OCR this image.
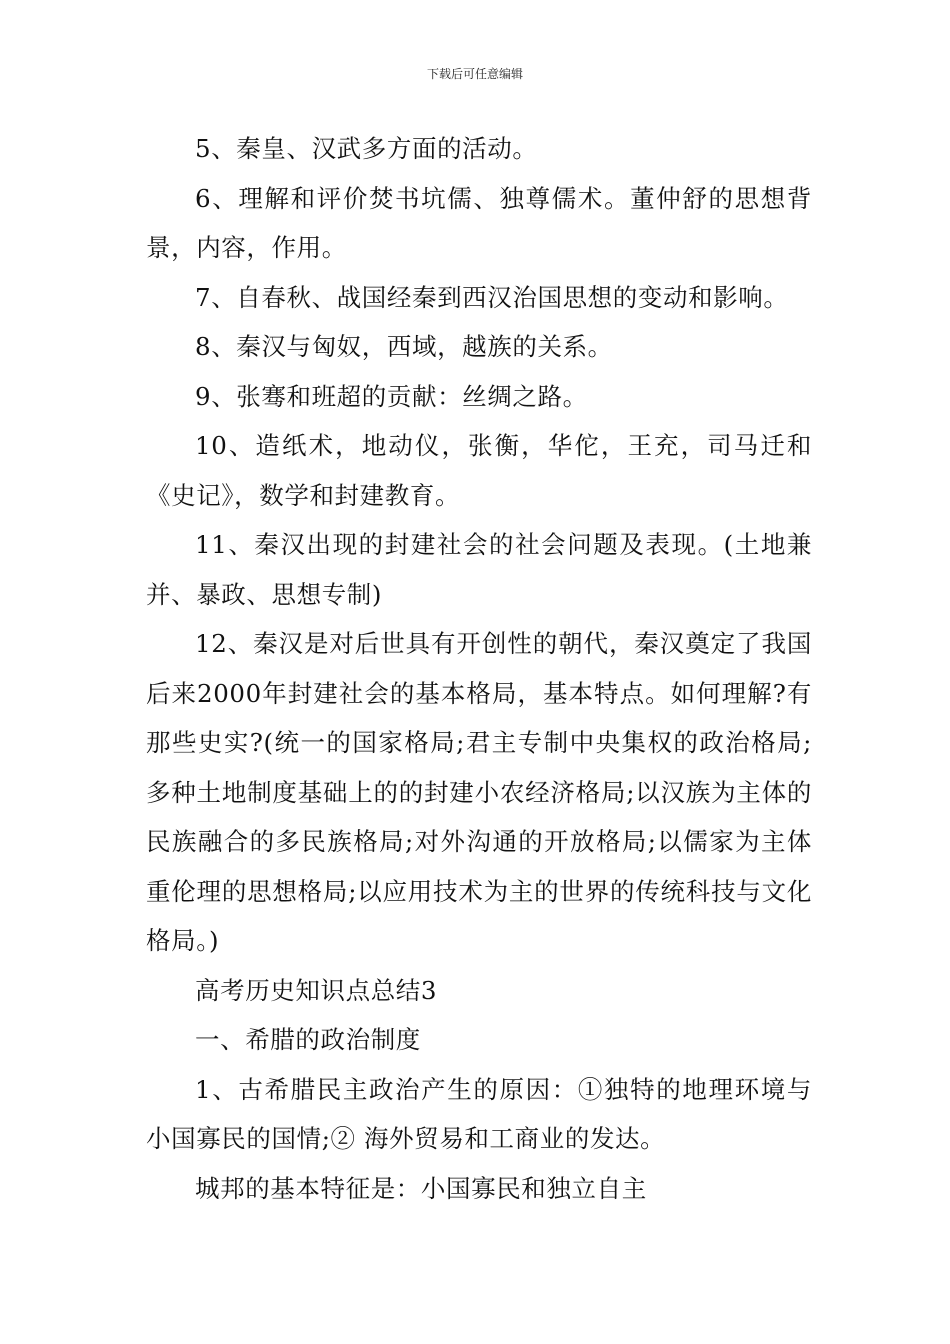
下载后可任意编辑

5、秦皇、汉武多方面的活动。

6、理解和评价焚书坑儒、独尊儒术。董仲舒的思想背景，内容，作用。

7、自春秋、战国经秦到西汉治国思想的变动和影响。

8、秦汉与匈奴，西域，越族的关系。

9、张骞和班超的贡献：丝绸之路。

10、造纸术，地动仪，张衡，华佗，王充，司马迁和《史记》，数学和封建教育。

11、秦汉出现的封建社会的社会问题及表现。(土地兼并、暴政、思想专制)

12、秦汉是对后世具有开创性的朝代，秦汉奠定了我国后来2000年封建社会的基本格局，基本特点。如何理解?有那些史实?(统一的国家格局;君主专制中央集权的政治格局;多种土地制度基础上的的封建小农经济格局;以汉族为主体的民族融合的多民族格局;对外沟通的开放格局;以儒家为主体重伦理的思想格局;以应用技术为主的世界的传统科技与文化格局。)

高考历史知识点总结3

一、希腊的政治制度

1、古希腊民主政治产生的原因：①独特的地理环境与小国寡民的国情;② 海外贸易和工商业的发达。

城邦的基本特征是：小国寡民和独立自主
